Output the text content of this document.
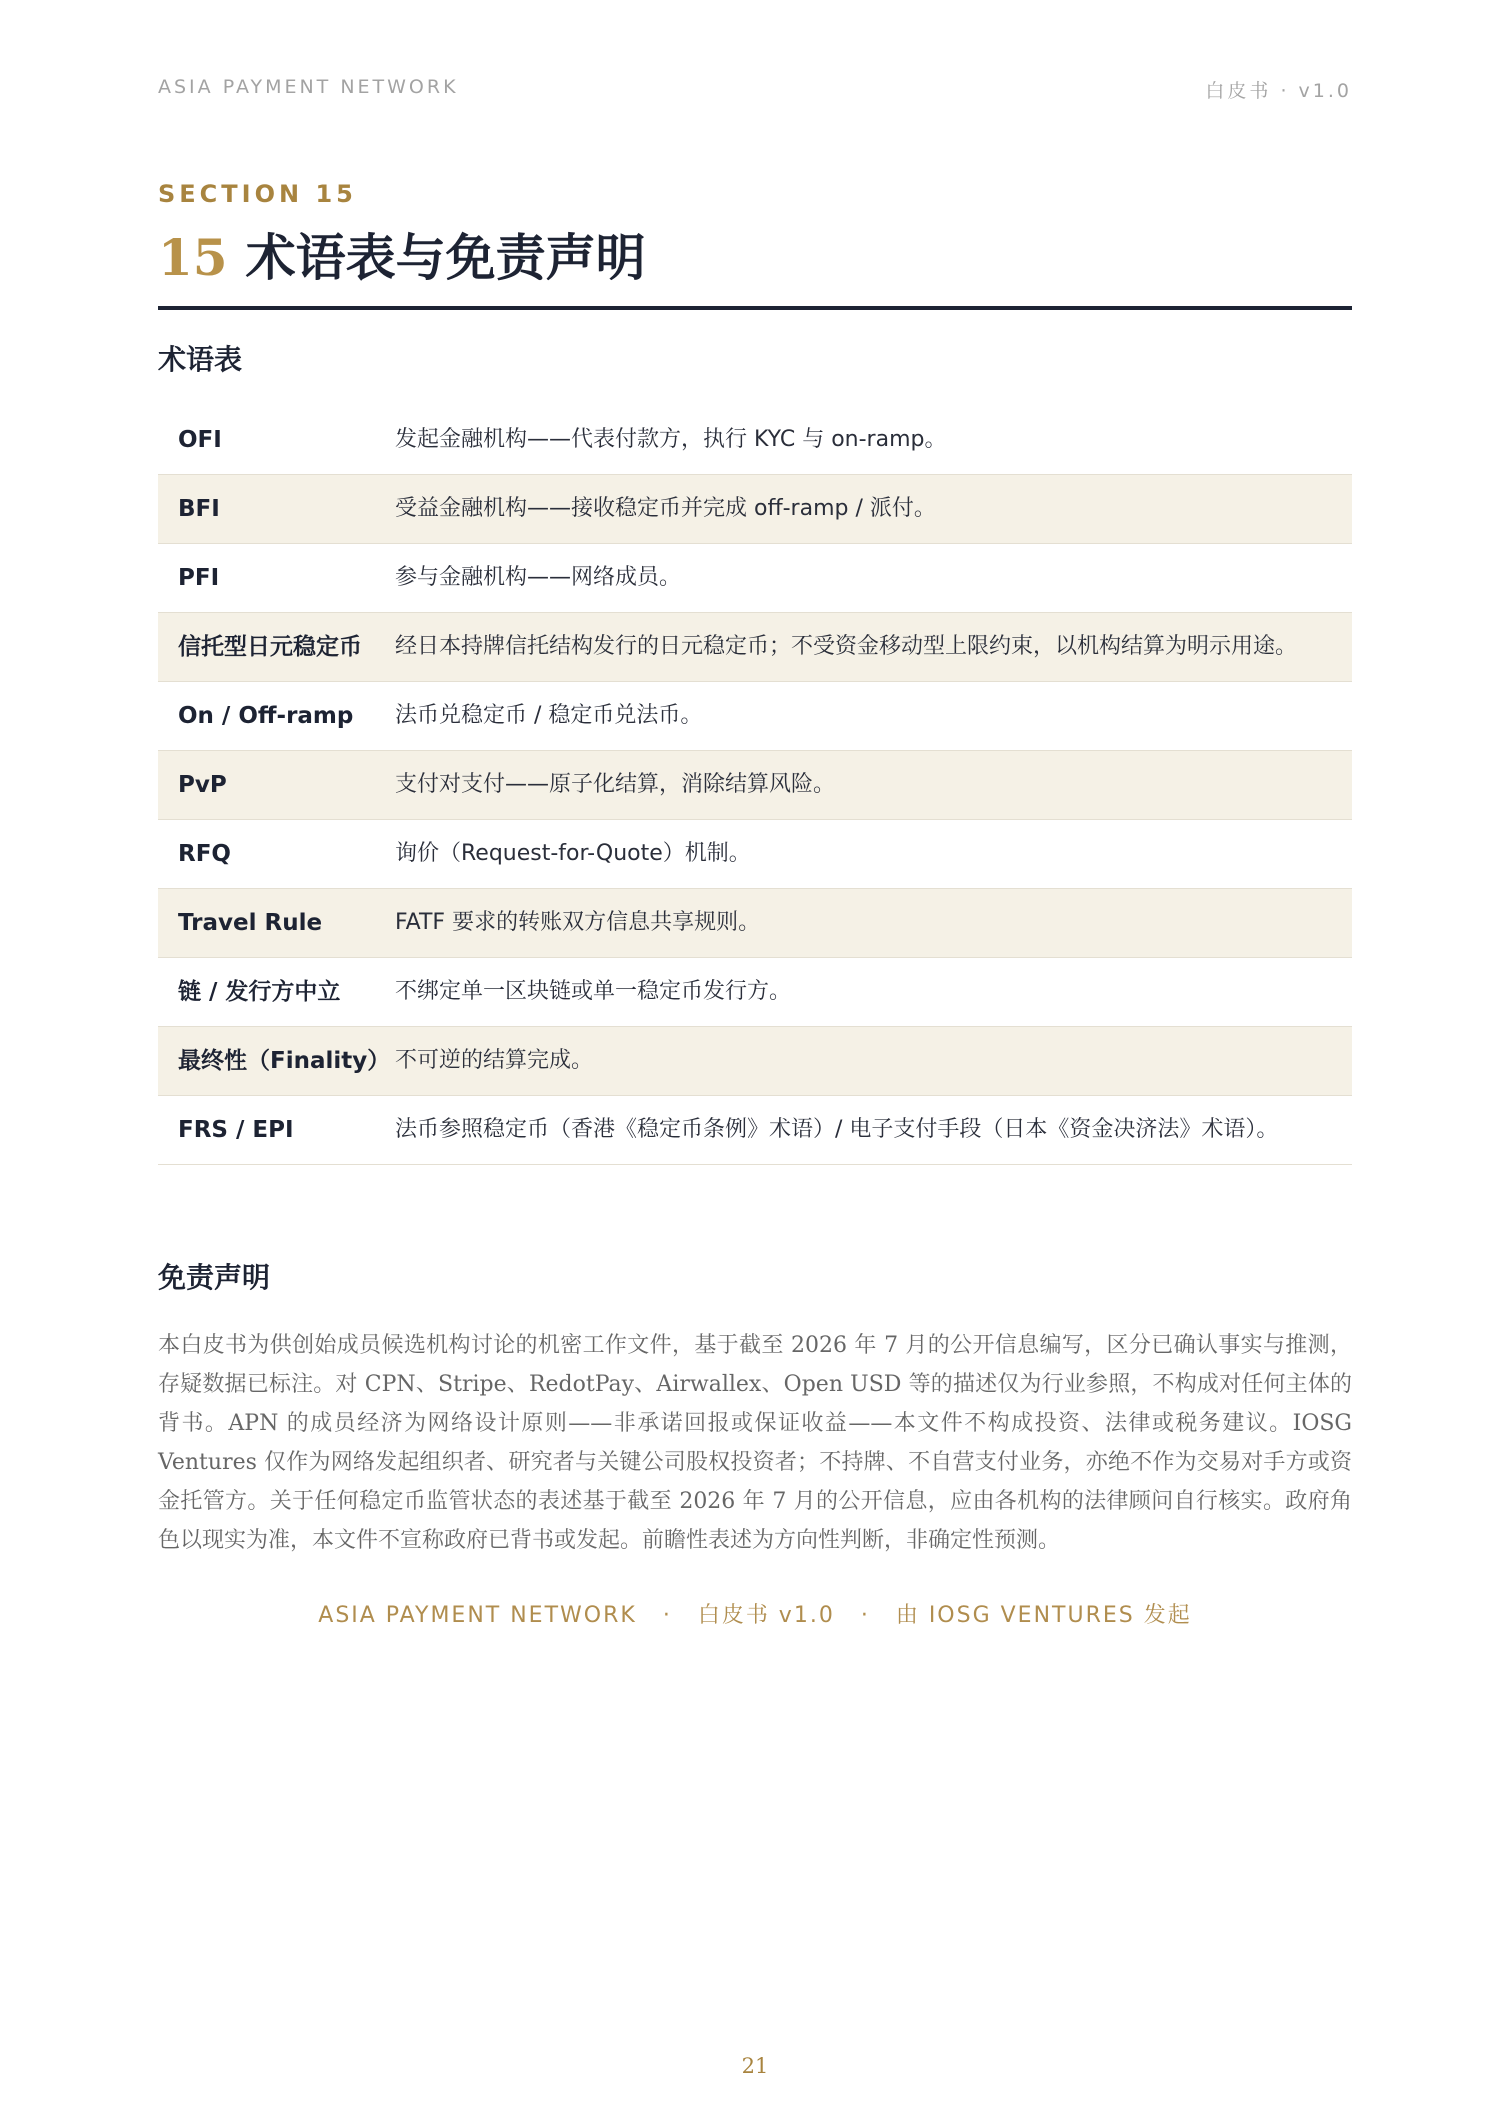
ASIA PAYMENT NETWORK	白皮书 · v1.0
SECTION 15
15 术语表与免责声明
术语表
OFI	发起金融机构——代表付款方，执行 KYC 与 on-ramp。
BFI	受益金融机构——接收稳定币并完成 off-ramp / 派付。
PFI	参与金融机构——网络成员。
信托型日元稳定币	经日本持牌信托结构发行的日元稳定币；不受资金移动型上限约束，以机构结算为明示用途。
On / Off-ramp	法币兑稳定币 / 稳定币兑法币。
PvP	支付对支付——原子化结算，消除结算风险。
RFQ	询价（Request-for-Quote）机制。
Travel Rule	FATF 要求的转账双方信息共享规则。
链 / 发行方中立	不绑定单一区块链或单一稳定币发行方。
最终性（Finality） 不可逆的结算完成。
FRS / EPI	法币参照稳定币（香港《稳定币条例》术语）/ 电子支付手段（日本《资金决济法》术语）。
免责声明
本白皮书为供创始成员候选机构讨论的机密工作文件，基于截至 2026 年 7 月的公开信息编写，区分已确认事实与推测，存疑数据已标注。对 CPN、Stripe、RedotPay、Airwallex、Open USD 等的描述仅为行业参照，不构成对任何主体的背书。APN 的成员经济为网络设计原则——非承诺回报或保证收益——本文件不构成投资、法律或税务建议。IOSG Ventures 仅作为网络发起组织者、研究者与关键公司股权投资者；不持牌、不自营支付业务，亦绝不作为交易对手方或资金托管方。关于任何稳定币监管状态的表述基于截至 2026 年 7 月的公开信息，应由各机构的法律顾问自行核实。政府角色以现实为准，本文件不宣称政府已背书或发起。前瞻性表述为方向性判断，非确定性预测。
ASIA PAYMENT NETWORK · 白皮书 v1.0 · 由 IOSG VENTURES 发起
21
